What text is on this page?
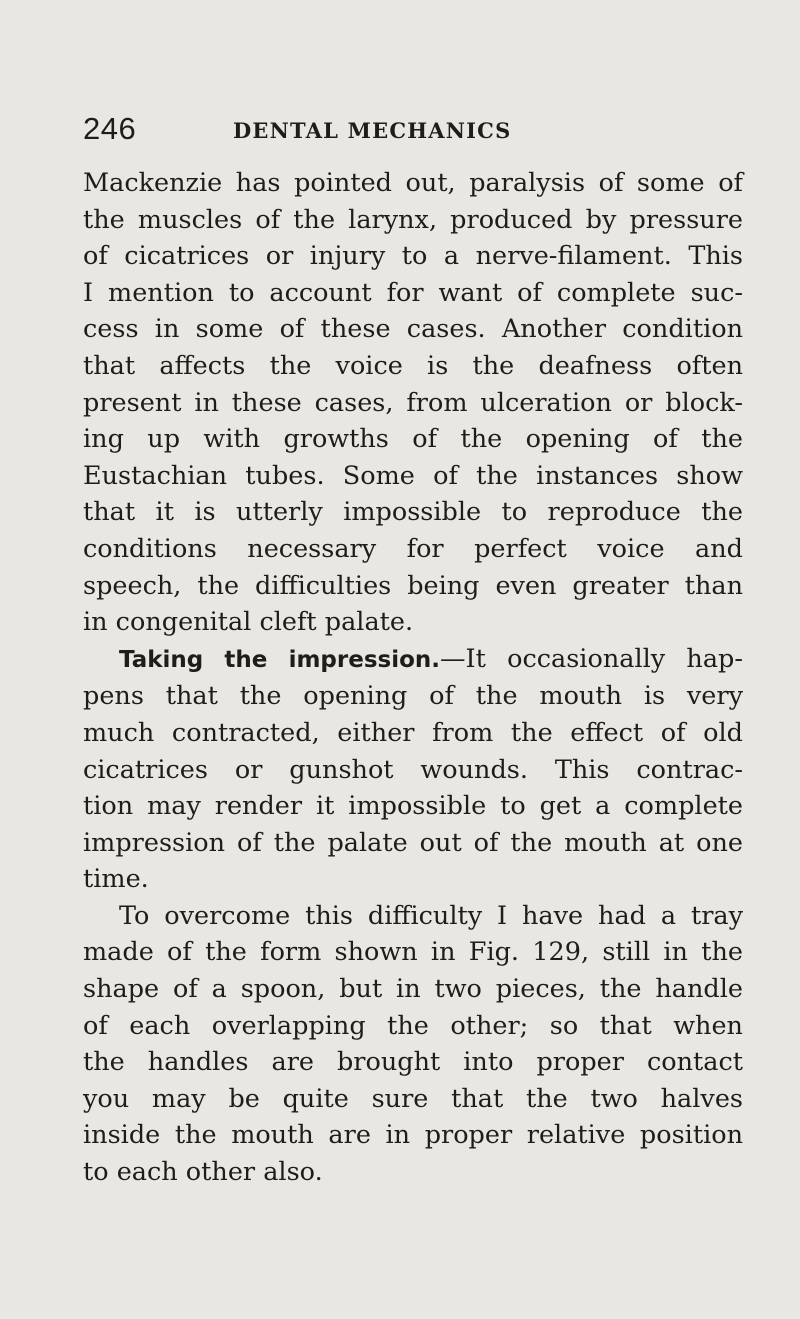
246	DENTAL MECHANICS
Mackenzie has pointed out, paralysis of some of
the muscles of the larynx, produced by pressure
of cicatrices or injury to a nerve-filament. This
I mention to account for want of complete suc-
cess in some of these cases. Another condition
that affects the voice is the deafness often
present in these cases, from ulceration or block-
ing up with growths of the opening of the
Eustachian tubes. Some of the instances show
that it is utterly impossible to reproduce the
conditions necessary for perfect voice and
speech, the difficulties being even greater than
in congenital cleft palate.
Taking the impression.—It occasionally hap-
pens that the opening of the mouth is very
much contracted, either from the effect of old
cicatrices or gunshot wounds. This contrac-
tion may render it impossible to get a complete
impression of the palate out of the mouth at one
time.
To overcome this difficulty I have had a tray
made of the form shown in Fig. 129, still in the
shape of a spoon, but in two pieces, the handle
of each overlapping the other; so that when
the handles are brought into proper contact
you may be quite sure that the two halves
inside the mouth are in proper relative position
to each other also.
